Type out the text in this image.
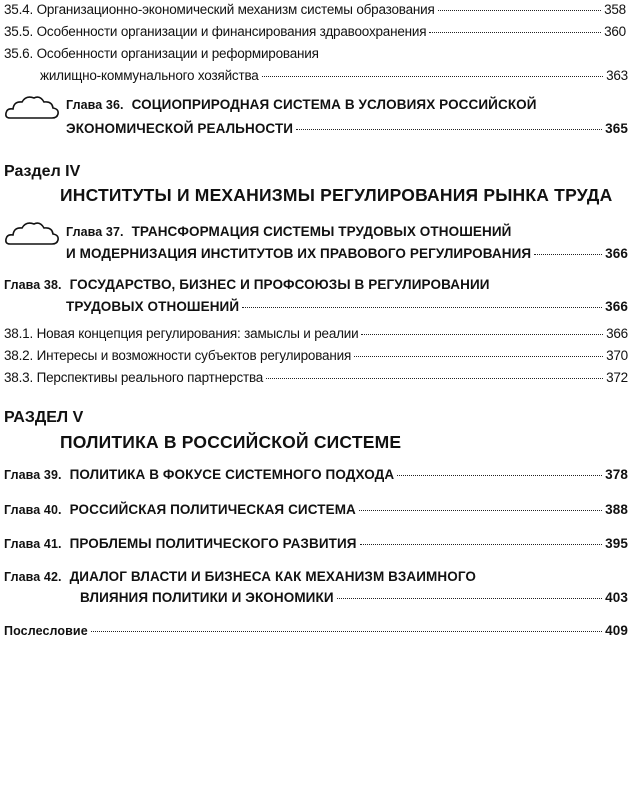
35.4. Организационно-экономический механизм системы образования	358
35.5. Особенности организации и финансирования здравоохранения	360
35.6. Особенности организации и реформирования
жилищно-коммунального хозяйства	363
Глава 36. СОЦИОПРИРОДНАЯ СИСТЕМА В УСЛОВИЯХ РОССИЙСКОЙ
ЭКОНОМИЧЕСКОЙ РЕАЛЬНОСТИ	365
Раздел IV
ИНСТИТУТЫ И МЕХАНИЗМЫ РЕГУЛИРОВАНИЯ РЫНКА ТРУДА
Глава 37. ТРАНСФОРМАЦИЯ СИСТЕМЫ ТРУДОВЫХ ОТНОШЕНИЙ
И МОДЕРНИЗАЦИЯ ИНСТИТУТОВ ИХ ПРАВОВОГО РЕГУЛИРОВАНИЯ	366
Глава 38. ГОСУДАРСТВО, БИЗНЕС И ПРОФСОЮЗЫ В РЕГУЛИРОВАНИИ
ТРУДОВЫХ ОТНОШЕНИЙ	366
38.1. Новая концепция регулирования: замыслы и реалии	366
38.2. Интересы и возможности субъектов регулирования	370
38.3. Перспективы реального партнерства	372
РАЗДЕЛ V
ПОЛИТИКА В РОССИЙСКОЙ СИСТЕМЕ
Глава 39. ПОЛИТИКА В ФОКУСЕ СИСТЕМНОГО ПОДХОДА	378
Глава 40. РОССИЙСКАЯ ПОЛИТИЧЕСКАЯ СИСТЕМА	388
Глава 41. ПРОБЛЕМЫ ПОЛИТИЧЕСКОГО РАЗВИТИЯ	395
Глава 42. ДИАЛОГ ВЛАСТИ И БИЗНЕСА КАК МЕХАНИЗМ ВЗАИМНОГО
ВЛИЯНИЯ ПОЛИТИКИ И ЭКОНОМИКИ	403
Послесловие	409
